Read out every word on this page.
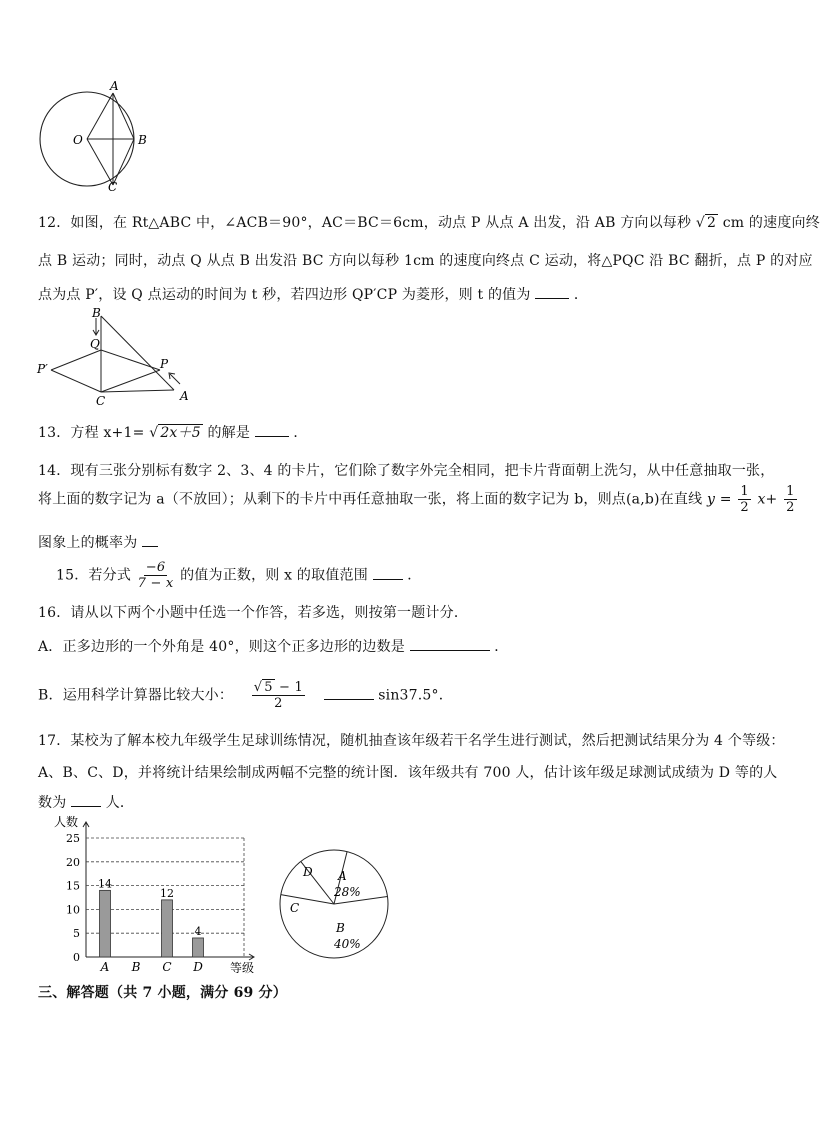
A
B
C
O
12．如图，在 Rt△ABC 中，∠ACB＝90°，AC＝BC＝6cm，动点 P 从点 A 出发，沿 AB 方向以每秒 √ 2 cm 的速度向终
点 B 运动；同时，动点 Q 从点 B 出发沿 BC 方向以每秒 1cm 的速度向终点 C 运动，将△PQC 沿 BC 翻折，点 P 的对应
点为点 P′，设 Q 点运动的时间为 t 秒，若四边形 QP′CP 为菱形，则 t 的值为	．
B
Q
P
P′
C	A
13．方程 x+1= √ 2x＋5 的解是	．
14．现有三张分别标有数字 2、3、4 的卡片，它们除了数字外完全相同，把卡片背面朝上洗匀，从中任意抽取一张，
将上面的数字记为 a（不放回）；从剩下的卡片中再任意抽取一张，将上面的数字记为 b，则点(a,b)在直线 $y = \frac{1}{2} x+ \frac{1}{2}$
图象上的概率为
15．若分式 $\frac{-6}{7 - x}$ 的值为正数，则 x 的取值范围	．
16．请从以下两个小题中任选一个作答，若多选，则按第一题计分．
A．正多边形的一个外角是 40°，则这个正多边形的边数是	．
B．运用科学计算器比较大小： $\frac{√ 5 - 1}{2}$	sin37.5°．
17．某校为了解本校九年级学生足球训练情况，随机抽查该年级若干名学生进行测试，然后把测试结果分为 4 个等级：
A、B、C、D，并将统计结果绘制成两幅不完整的统计图．该年级共有 700 人，估计该年级足球测试成绩为 D 等的人
数为	人．
0
5
10
15
20
25
人数
等级
14
A B
12
C
4
D
A
28%
B
40%
C
D
三、解答题（共 7 小题，满分 69 分）
